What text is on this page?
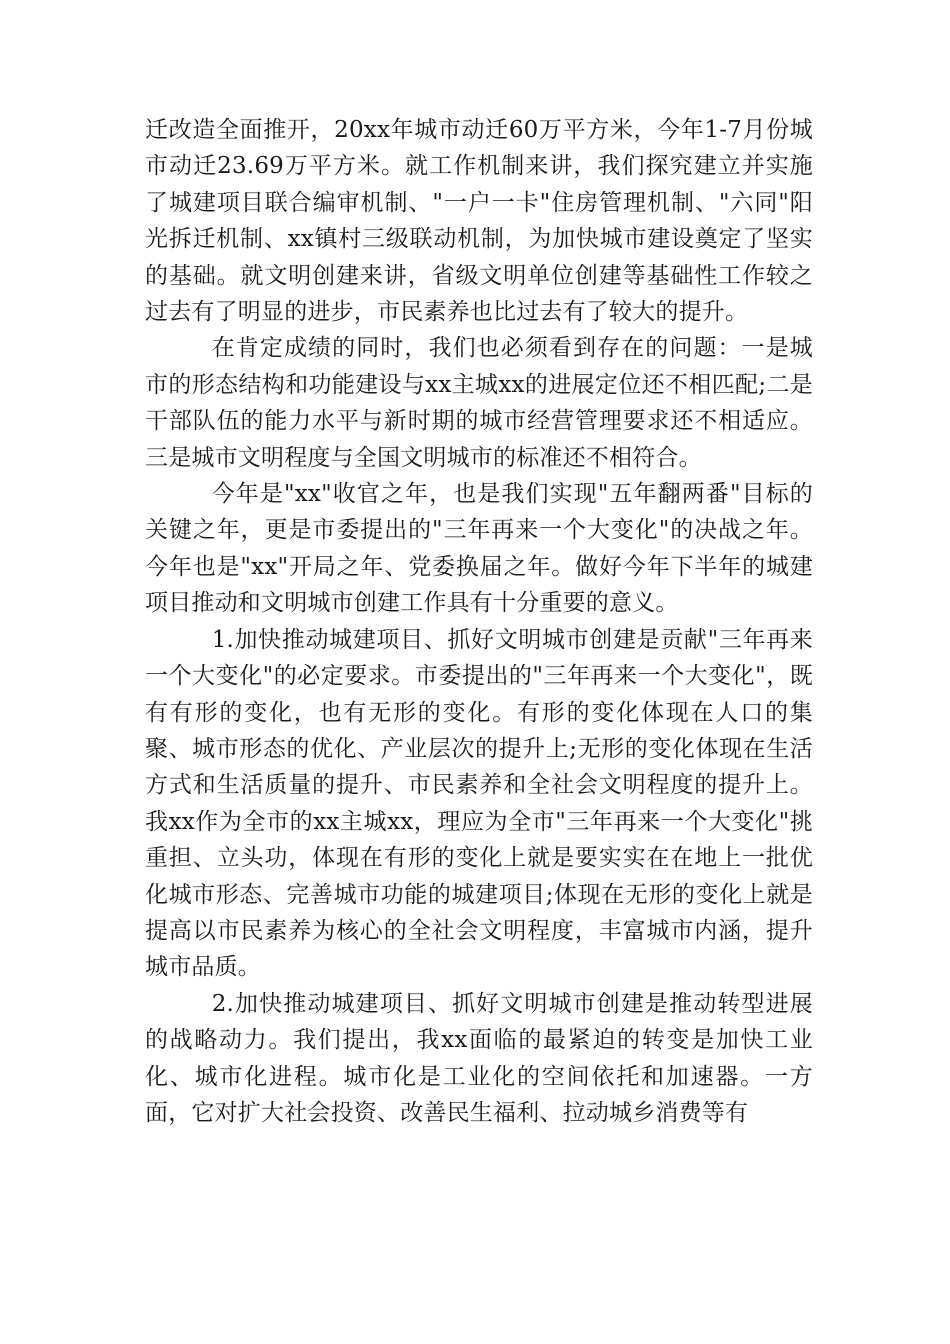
迁改造全面推开，20xx年城市动迁60万平方米，今年1-7月份城市动迁23.69万平方米。就工作机制来讲，我们探究建立并实施了城建项目联合编审机制、"一户一卡"住房管理机制、"六同"阳光拆迁机制、xx镇村三级联动机制，为加快城市建设奠定了坚实的基础。就文明创建来讲，省级文明单位创建等基础性工作较之过去有了明显的进步，市民素养也比过去有了较大的提升。

在肯定成绩的同时，我们也必须看到存在的问题：一是城市的形态结构和功能建设与xx主城xx的进展定位还不相匹配;二是干部队伍的能力水平与新时期的城市经营管理要求还不相适应。三是城市文明程度与全国文明城市的标准还不相符合。

今年是"xx"收官之年，也是我们实现"五年翻两番"目标的关键之年，更是市委提出的"三年再来一个大变化"的决战之年。今年也是"xx"开局之年、党委换届之年。做好今年下半年的城建项目推动和文明城市创建工作具有十分重要的意义。

1.加快推动城建项目、抓好文明城市创建是贡献"三年再来一个大变化"的必定要求。市委提出的"三年再来一个大变化"，既有有形的变化，也有无形的变化。有形的变化体现在人口的集聚、城市形态的优化、产业层次的提升上;无形的变化体现在生活方式和生活质量的提升、市民素养和全社会文明程度的提升上。我xx作为全市的xx主城xx，理应为全市"三年再来一个大变化"挑重担、立头功，体现在有形的变化上就是要实实在在地上一批优化城市形态、完善城市功能的城建项目;体现在无形的变化上就是提高以市民素养为核心的全社会文明程度，丰富城市内涵，提升城市品质。

2.加快推动城建项目、抓好文明城市创建是推动转型进展的战略动力。我们提出，我xx面临的最紧迫的转变是加快工业化、城市化进程。城市化是工业化的空间依托和加速器。一方面，它对扩大社会投资、改善民生福利、拉动城乡消费等有
